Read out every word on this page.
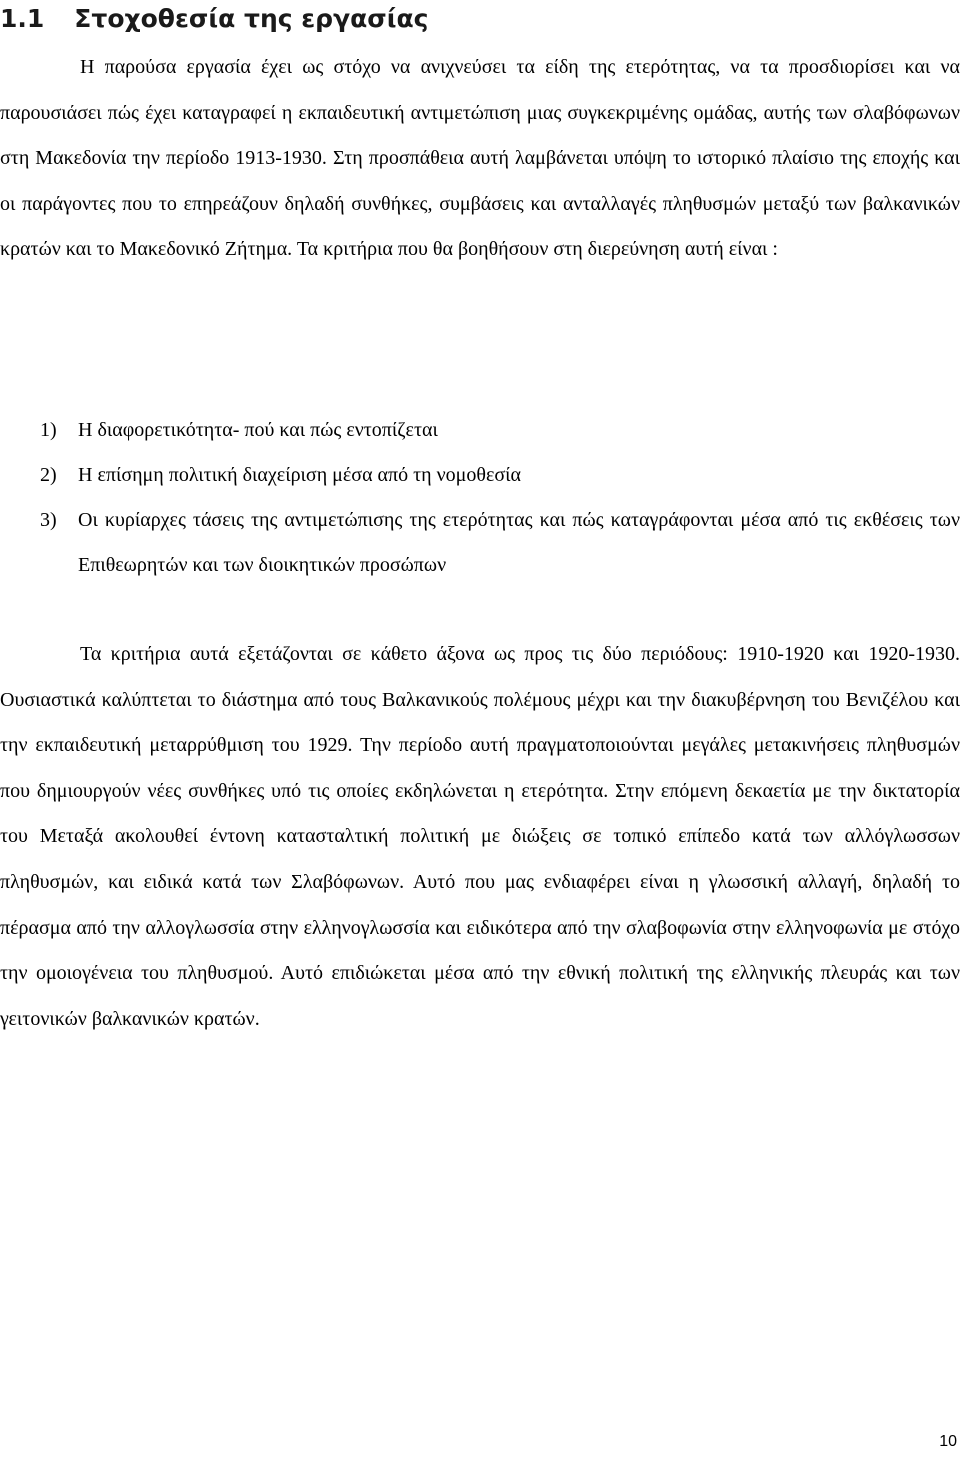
1.1 Στοχοθεσία της εργασίας

Η παρούσα εργασία έχει ως στόχο να ανιχνεύσει τα είδη της ετερότητας, να τα προσδιορίσει και να παρουσιάσει πώς έχει καταγραφεί η εκπαιδευτική αντιμετώπιση μιας συγκεκριμένης ομάδας, αυτής των σλαβόφωνων στη Μακεδονία την περίοδο 1913-1930. Στη προσπάθεια αυτή λαμβάνεται υπόψη το ιστορικό πλαίσιο της εποχής και οι παράγοντες που το επηρεάζουν δηλαδή συνθήκες, συμβάσεις και ανταλλαγές πληθυσμών μεταξύ των βαλκανικών κρατών και το Μακεδονικό Ζήτημα. Τα κριτήρια που θα βοηθήσουν στη διερεύνηση αυτή είναι :

1)	Η διαφορετικότητα- πού και πώς εντοπίζεται
2)	Η επίσημη πολιτική διαχείριση μέσα από τη νομοθεσία
3)	Οι κυρίαρχες τάσεις της αντιμετώπισης της ετερότητας και πώς καταγράφονται μέσα από τις εκθέσεις των Επιθεωρητών και των διοικητικών προσώπων

Τα κριτήρια αυτά εξετάζονται σε κάθετο άξονα ως προς τις δύο περιόδους: 1910-1920 και 1920-1930. Ουσιαστικά καλύπτεται το διάστημα από τους Βαλκανικούς πολέμους μέχρι και την διακυβέρνηση του Βενιζέλου και την εκπαιδευτική μεταρρύθμιση του 1929. Την περίοδο αυτή πραγματοποιούνται μεγάλες μετακινήσεις πληθυσμών που δημιουργούν νέες συνθήκες υπό τις οποίες εκδηλώνεται η ετερότητα. Στην επόμενη δεκαετία με την δικτατορία του Μεταξά ακολουθεί έντονη κατασταλτική πολιτική με διώξεις σε τοπικό επίπεδο κατά των αλλόγλωσσων πληθυσμών, και ειδικά κατά των Σλαβόφωνων. Αυτό που μας ενδιαφέρει είναι η γλωσσική αλλαγή, δηλαδή το πέρασμα από την αλλογλωσσία στην ελληνογλωσσία και ειδικότερα από την σλαβοφωνία στην ελληνοφωνία με στόχο την ομοιογένεια του πληθυσμού. Αυτό επιδιώκεται μέσα από την εθνική πολιτική της ελληνικής πλευράς και των γειτονικών βαλκανικών κρατών.

10
